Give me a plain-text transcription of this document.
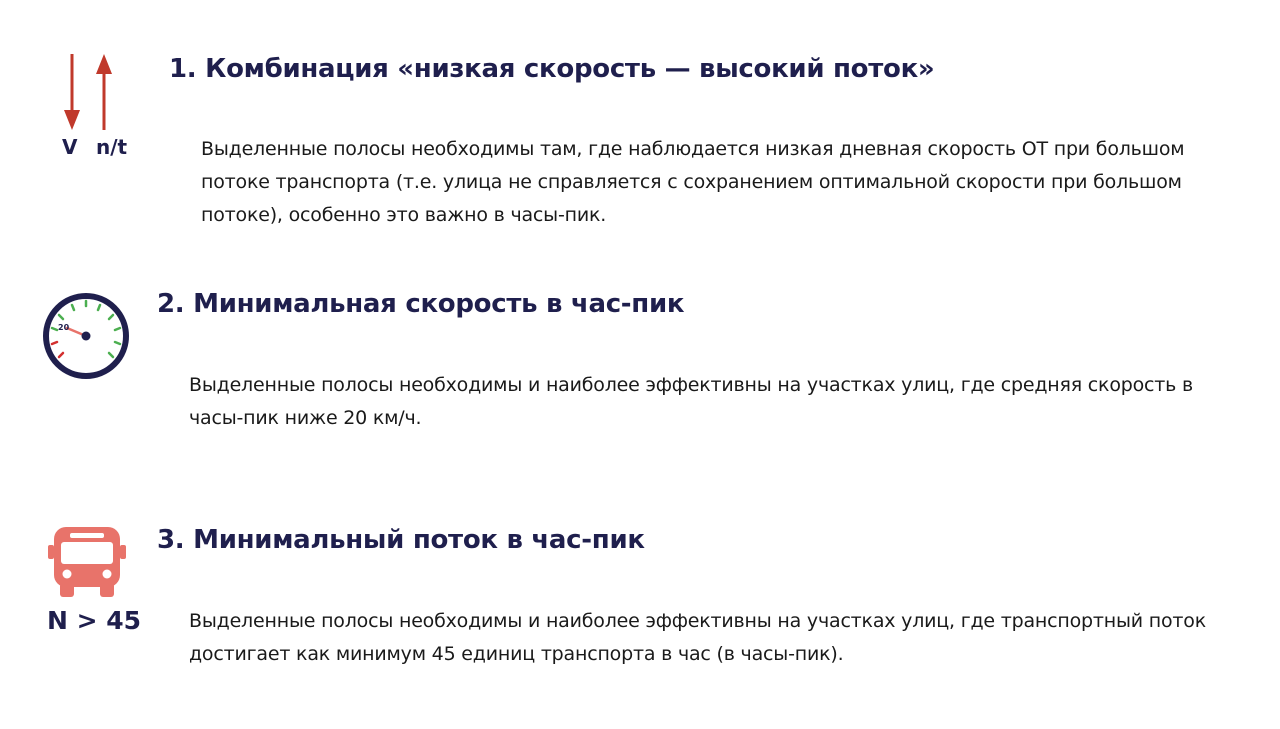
V n/t
1. Комбинация «низкая скорость — высокий поток»

Выделенные полосы необходимы там, где наблюдается низкая дневная скорость ОТ при большом потоке транспорта (т.е. улица не справляется с сохранением оптимальной скорости при большом потоке), особенно это важно в часы-пик.

20
2. Минимальная скорость в час-пик

Выделенные полосы необходимы и наиболее эффективны на участках улиц, где средняя скорость в часы-пик ниже 20 км/ч.

N > 45
3. Минимальный поток в час-пик

Выделенные полосы необходимы и наиболее эффективны на участках улиц, где транспортный поток достигает как минимум 45 единиц транспорта в час (в часы-пик).
